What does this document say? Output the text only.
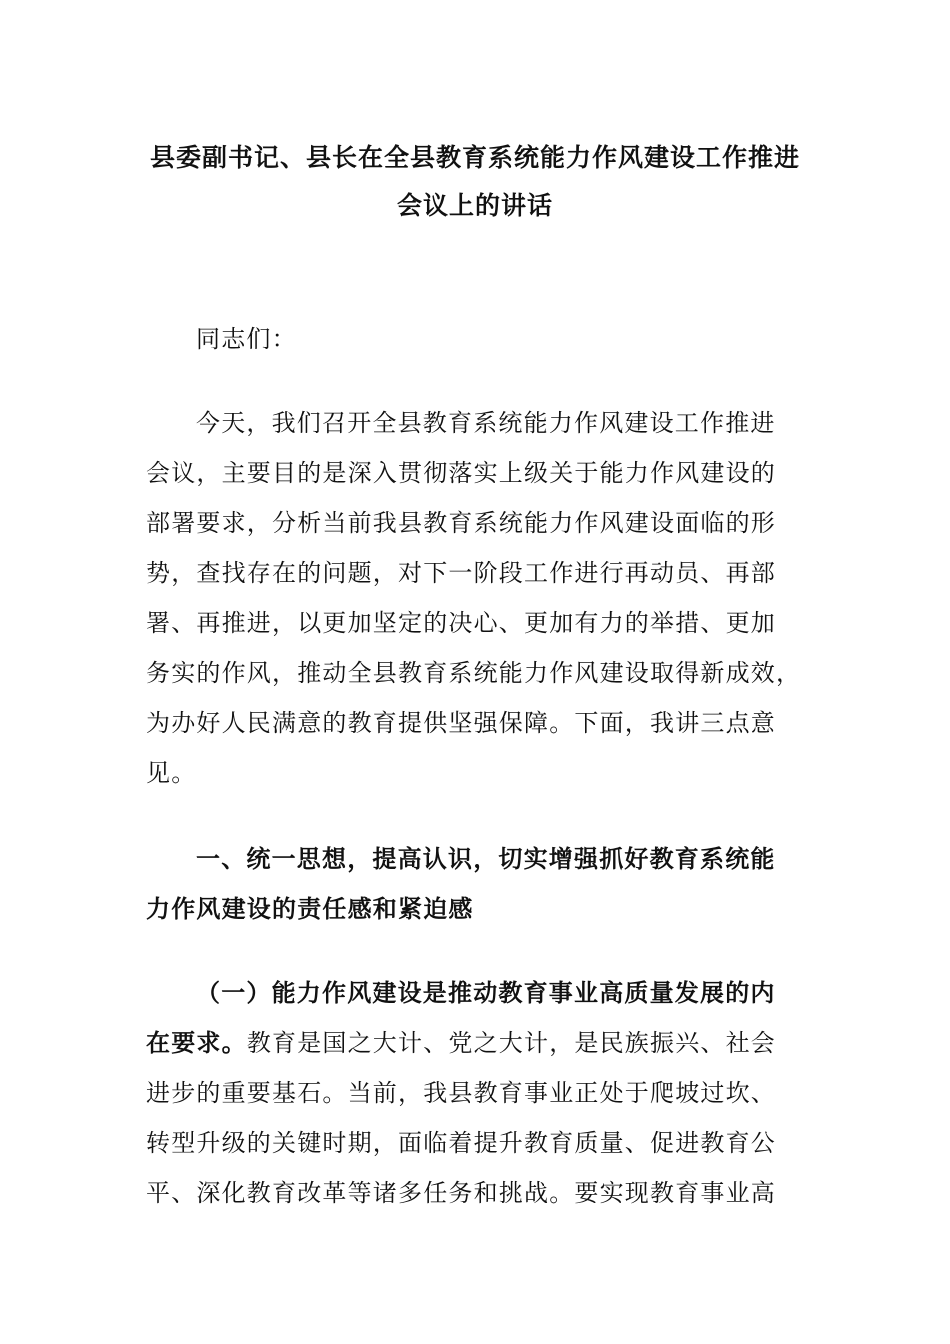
县委副书记、县长在全县教育系统能力作风建设工作推进
会议上的讲话
同志们：
今天，我们召开全县教育系统能力作风建设工作推进
会议，主要目的是深入贯彻落实上级关于能力作风建设的
部署要求，分析当前我县教育系统能力作风建设面临的形
势，查找存在的问题，对下一阶段工作进行再动员、再部
署、再推进，以更加坚定的决心、更加有力的举措、更加
务实的作风，推动全县教育系统能力作风建设取得新成效，
为办好人民满意的教育提供坚强保障。下面，我讲三点意
见。
一、统一思想，提高认识，切实增强抓好教育系统能
力作风建设的责任感和紧迫感
（一）能力作风建设是推动教育事业高质量发展的内
在要求。教育是国之大计、党之大计，是民族振兴、社会
进步的重要基石。当前，我县教育事业正处于爬坡过坎、
转型升级的关键时期，面临着提升教育质量、促进教育公
平、深化教育改革等诸多任务和挑战。要实现教育事业高
